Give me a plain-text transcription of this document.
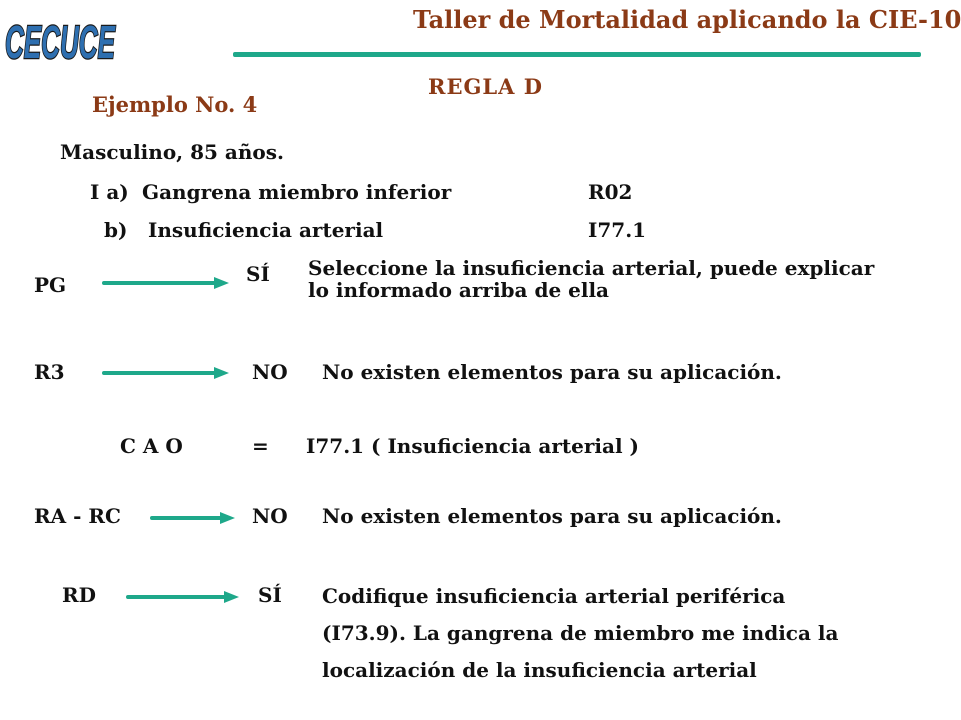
CECUCE	Taller de Mortalidad aplicando la CIE-10
REGLA D
Ejemplo No. 4
Masculino, 85 años.
I a) Gangrena miembro inferior	R02
b) Insuficiencia arterial	I77.1
PG	SÍ Seleccione la insuficiencia arterial, puede explicar
lo informado arriba de ella
R3	NO No existen elementos para su aplicación.
C A O	= I77.1 ( Insuficiencia arterial )
RA - RC	NO No existen elementos para su aplicación.
RD	SÍ Codifique insuficiencia arterial periférica
(I73.9). La gangrena de miembro me indica la
localización de la insuficiencia arterial
